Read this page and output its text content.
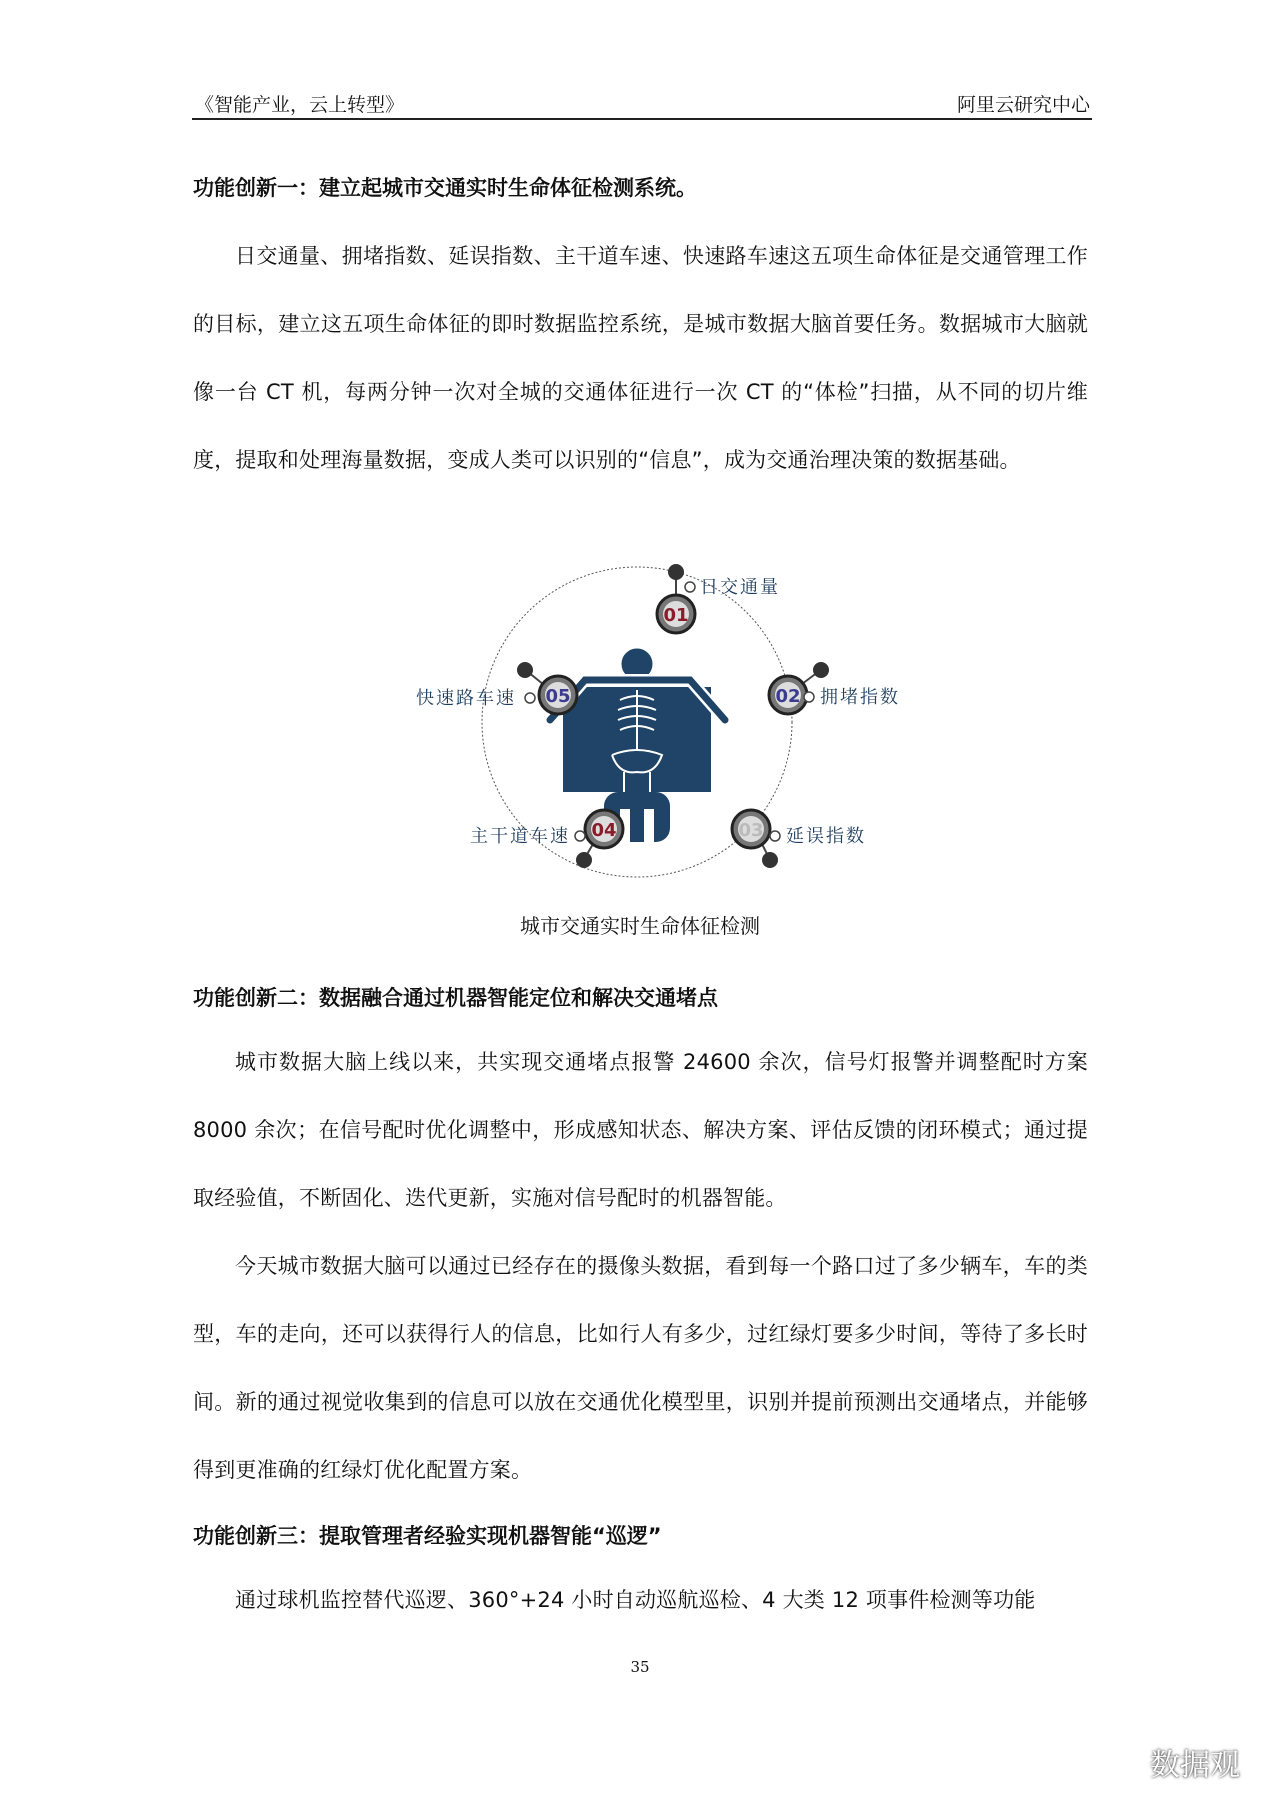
《智能产业，云上转型》	阿里云研究中心
功能创新一：建立起城市交通实时生命体征检测系统。

日交通量、拥堵指数、延误指数、主干道车速、快速路车速这五项生命体征是交通管理工作的目标，建立这五项生命体征的即时数据监控系统，是城市数据大脑首要任务。数据城市大脑就像一台 CT 机，每两分钟一次对全城的交通体征进行一次 CT 的“体检”扫描，从不同的切片维度，提取和处理海量数据，变成人类可以识别的“信息”，成为交通治理决策的数据基础。

01
日交通量
02 拥堵指数
03 延误指数
04
主干道车速
05
快速路车速
城市交通实时生命体征检测
功能创新二：数据融合通过机器智能定位和解决交通堵点

城市数据大脑上线以来，共实现交通堵点报警 24600 余次，信号灯报警并调整配时方案 8000 余次；在信号配时优化调整中，形成感知状态、解决方案、评估反馈的闭环模式；通过提取经验值，不断固化、迭代更新，实施对信号配时的机器智能。

今天城市数据大脑可以通过已经存在的摄像头数据，看到每一个路口过了多少辆车，车的类型，车的走向，还可以获得行人的信息，比如行人有多少，过红绿灯要多少时间，等待了多长时间。新的通过视觉收集到的信息可以放在交通优化模型里，识别并提前预测出交通堵点，并能够得到更准确的红绿灯优化配置方案。

功能创新三：提取管理者经验实现机器智能“巡逻”

通过球机监控替代巡逻、360°+24 小时自动巡航巡检、4 大类 12 项事件检测等功能

35
数据观
